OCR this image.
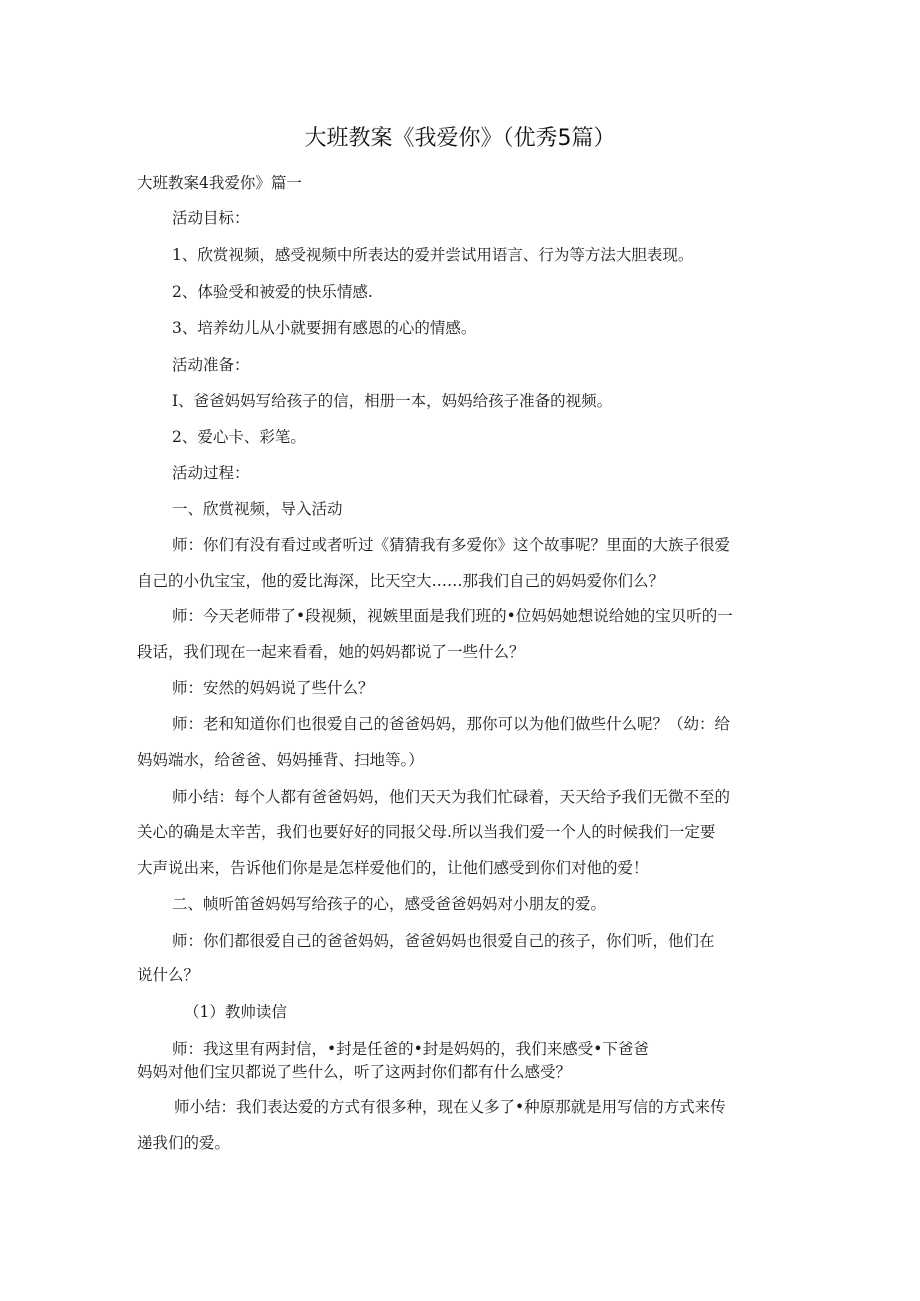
大班教案《我爱你》（优秀5篇）
大班教案4我爱你》篇一
活动目标：
1、欣赏视频，感受视频中所表达的爱并尝试用语言、行为等方法大胆表现。
2、体验受和被爱的快乐情感.
3、培养幼儿从小就要拥有感恩的心的情感。
活动准备：
I、爸爸妈妈写给孩子的信，相册一本，妈妈给孩子准备的视频。
2、爱心卡、彩笔。
活动过程：
一、欣赏视频，导入活动
师：你们有没有看过或者听过《猜猜我有多爱你》这个故事呢？里面的大族子很爱
自己的小仇宝宝，他的爱比海深，比天空大……那我们自己的妈妈爱你们么？
师：今天老师带了•段视频，视嫉里面是我们班的•位妈妈她想说给她的宝贝听的一
段话，我们现在一起来看看，她的妈妈都说了一些什么？
师：安然的妈妈说了些什么？
师：老和知道你们也很爱自己的爸爸妈妈，那你可以为他们做些什么呢？（幼：给
妈妈端水，给爸爸、妈妈捶背、扫地等。）
师小结：每个人都有爸爸妈妈，他们天天为我们忙碌着，天天给予我们无微不至的
关心的确是太辛苦，我们也要好好的同报父母.所以当我们爱一个人的时候我们一定要
大声说出来，告诉他们你是是怎样爱他们的，让他们感受到你们对他的爱！
二、帧听笛爸妈妈写给孩子的心，感受爸爸妈妈对小朋友的爱。
师：你们都很爱自己的爸爸妈妈，爸爸妈妈也很爱自己的孩子，你们听，他们在
说什么？
（1）教帅读信
师：我这里有两封信，•封是任爸的•封是妈妈的，我们来感受•下爸爸
妈妈对他们宝贝都说了些什么，听了这两封你们都有什么感受？
师小结：我们表达爱的方式有很多种，现在乂多了•种原那就是用写信的方式来传
递我们的爱。
